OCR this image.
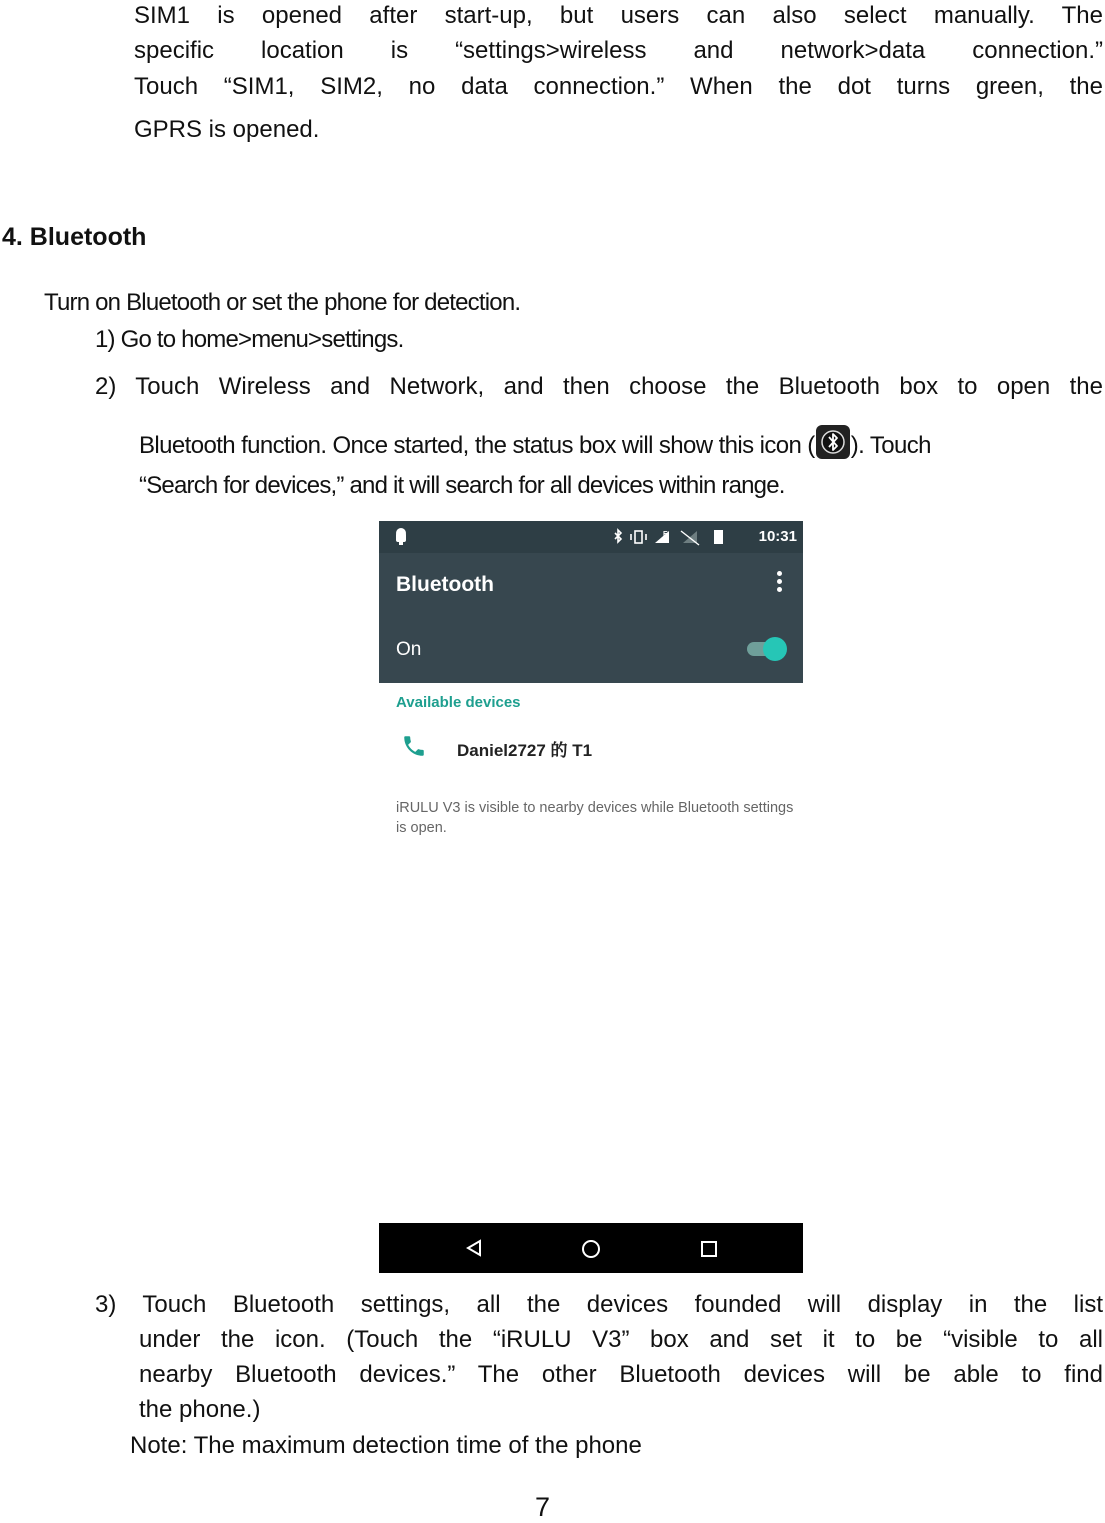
SIM1 is opened after start-up, but users can also select manually. The
specific location is “settings>wireless and network>data connection.”
Touch “SIM1, SIM2, no data connection.” When the dot turns green, the
GPRS is opened.
4. Bluetooth
Turn on Bluetooth or set the phone for detection.
1) Go to home>menu>settings.
2) Touch Wireless and Network, and then choose the Bluetooth box to open the
Bluetooth function. Once started, the status box will show this icon ( ). Touch
“Search for devices,” and it will search for all devices within range.
E	10:31
Bluetooth
On
Available devices
Daniel2727 的 T1
iRULU V3 is visible to nearby devices while Bluetooth settings is open.
3) Touch Bluetooth settings, all the devices founded will display in the list
under the icon. (Touch the “iRULU V3” box and set it to be “visible to all
nearby Bluetooth devices.” The other Bluetooth devices will be able to find
the phone.)
Note: The maximum detection time of the phone
7
